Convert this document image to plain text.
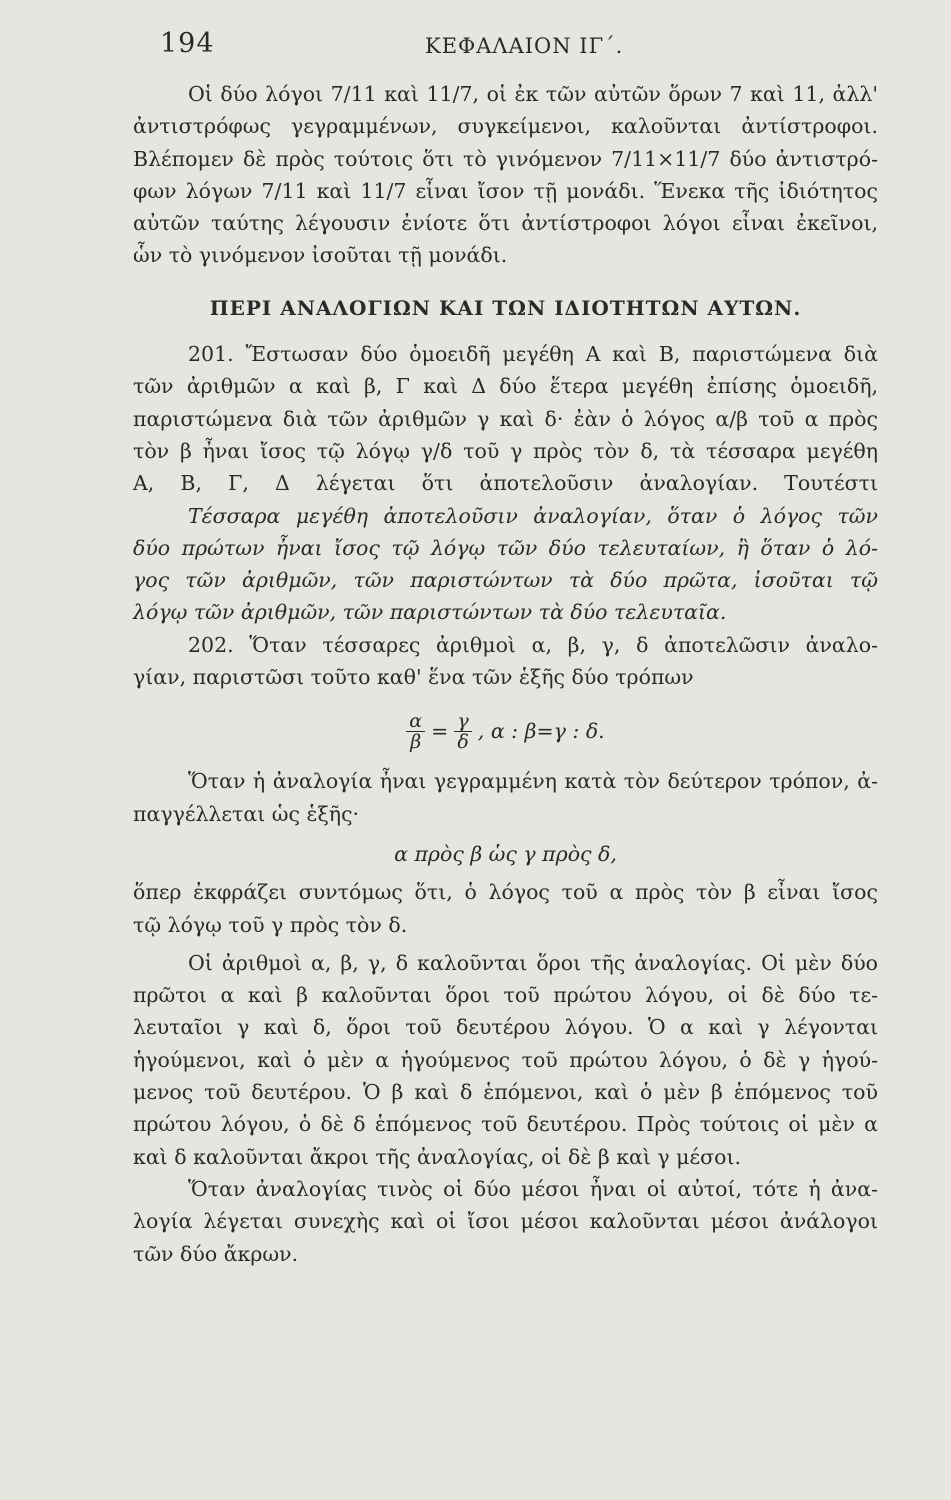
194	ΚΕΦΑΛΑΙΟΝ ΙΓ΄.
Οἱ δύο λόγοι 7/11 καὶ 11/7, οἱ ἐκ τῶν αὐτῶν ὅρων 7 καὶ 11, ἀλλ'
ἀντιστρόφως γεγραμμένων, συγκείμενοι, καλοῦνται ἀντίστροφοι.
Βλέπομεν δὲ πρὸς τούτοις ὅτι τὸ γινόμενον 7/11×11/7 δύο ἀντιστρό-
φων λόγων 7/11 καὶ 11/7 εἶναι ἴσον τῇ μονάδι. Ἕνεκα τῆς ἰδιότητος
αὐτῶν ταύτης λέγουσιν ἐνίοτε ὅτι ἀντίστροφοι λόγοι εἶναι ἐκεῖνοι,
ὧν τὸ γινόμενον ἰσοῦται τῇ μονάδι.
ΠΕΡΙ ΑΝΑΛΟΓΙΩΝ ΚΑΙ ΤΩΝ ΙΔΙΟΤΗΤΩΝ ΑΥΤΩΝ.
201. Ἔστωσαν δύο ὁμοειδῆ μεγέθη Α καὶ Β, παριστώμενα διὰ
τῶν ἀριθμῶν α καὶ β, Γ καὶ Δ δύο ἕτερα μεγέθη ἐπίσης ὁμοειδῆ,
παριστώμενα διὰ τῶν ἀριθμῶν γ καὶ δ· ἐὰν ὁ λόγος α/β τοῦ α πρὸς
τὸν β ἦναι ἴσος τῷ λόγῳ γ/δ τοῦ γ πρὸς τὸν δ, τὰ τέσσαρα μεγέθη
Α, Β, Γ, Δ λέγεται ὅτι ἀποτελοῦσιν ἀναλογίαν. Τουτέστι
Τέσσαρα μεγέθη ἀποτελοῦσιν ἀναλογίαν, ὅταν ὁ λόγος τῶν
δύο πρώτων ἦναι ἴσος τῷ λόγῳ τῶν δύο τελευταίων, ἢ ὅταν ὁ λό-
γος τῶν ἀριθμῶν, τῶν παριστώντων τὰ δύο πρῶτα, ἰσοῦται τῷ
λόγῳ τῶν ἀριθμῶν, τῶν παριστώντων τὰ δύο τελευταῖα.
202. Ὅταν τέσσαρες ἀριθμοὶ α, β, γ, δ ἀποτελῶσιν ἀναλο-
γίαν, παριστῶσι τοῦτο καθ' ἕνα τῶν ἑξῆς δύο τρόπων
$\frac{\alpha}{\beta} = \frac{\gamma}{\delta}$ , α : β=γ : δ.
Ὅταν ἡ ἀναλογία ἦναι γεγραμμένη κατὰ τὸν δεύτερον τρόπον, ἀ-
παγγέλλεται ὡς ἑξῆς·
α πρὸς β ὡς γ πρὸς δ,
ὅπερ ἐκφράζει συντόμως ὅτι, ὁ λόγος τοῦ α πρὸς τὸν β εἶναι ἴσος
τῷ λόγῳ τοῦ γ πρὸς τὸν δ.
Οἱ ἀριθμοὶ α, β, γ, δ καλοῦνται ὅροι τῆς ἀναλογίας. Οἱ μὲν δύο
πρῶτοι α καὶ β καλοῦνται ὅροι τοῦ πρώτου λόγου, οἱ δὲ δύο τε-
λευταῖοι γ καὶ δ, ὅροι τοῦ δευτέρου λόγου. Ὁ α καὶ γ λέγονται
ἡγούμενοι, καὶ ὁ μὲν α ἡγούμενος τοῦ πρώτου λόγου, ὁ δὲ γ ἡγού-
μενος τοῦ δευτέρου. Ὁ β καὶ δ ἑπόμενοι, καὶ ὁ μὲν β ἑπόμενος τοῦ
πρώτου λόγου, ὁ δὲ δ ἑπόμενος τοῦ δευτέρου. Πρὸς τούτοις οἱ μὲν α
καὶ δ καλοῦνται ἄκροι τῆς ἀναλογίας, οἱ δὲ β καὶ γ μέσοι.
Ὅταν ἀναλογίας τινὸς οἱ δύο μέσοι ἦναι οἱ αὐτοί, τότε ἡ ἀνα-
λογία λέγεται συνεχὴς καὶ οἱ ἴσοι μέσοι καλοῦνται μέσοι ἀνάλογοι
τῶν δύο ἄκρων.
